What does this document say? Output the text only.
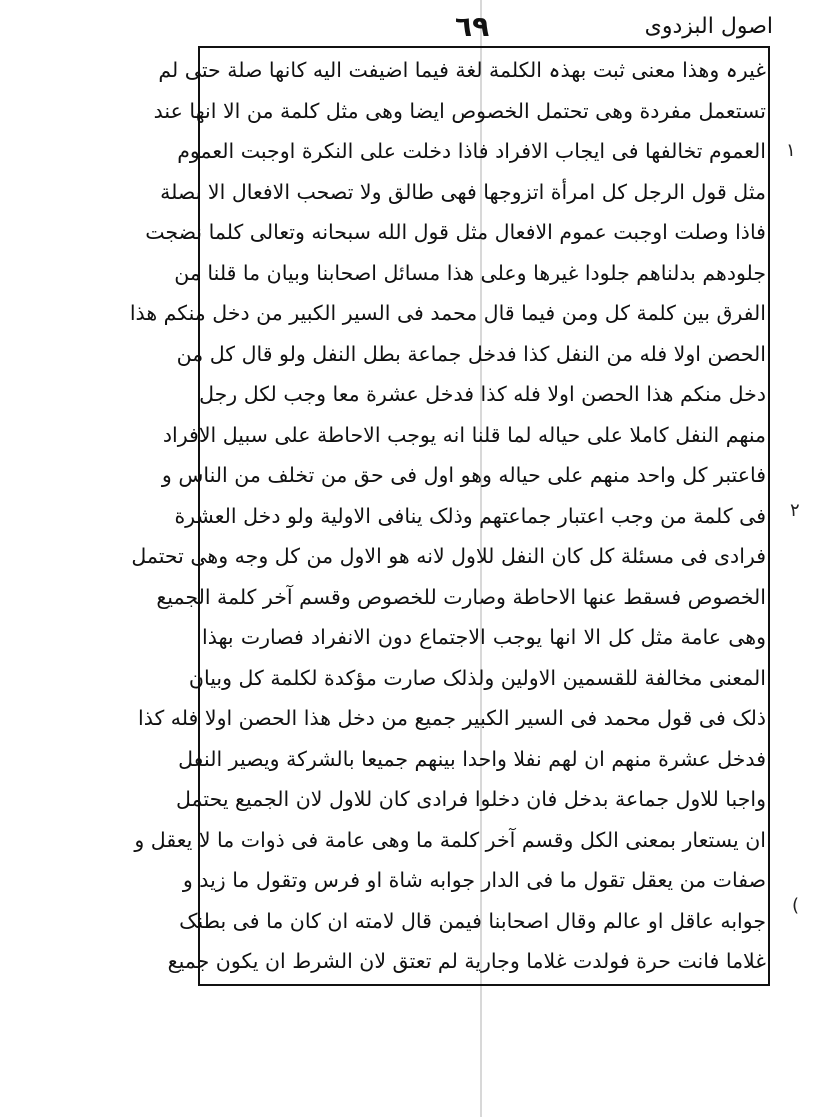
اصول البزدوی
٦٩
غیرہ وهذا معنی ثبت بهذہ الکلمة لغة فیما اضیفت الیه کانها صلة حتی لم
تستعمل مفردة وهی تحتمل الخصوص ایضا وهی مثل کلمة من الا انها عند
العموم تخالفها فی ایجاب الافراد فاذا دخلت علی النکرة اوجبت العموم
مثل قول الرجل کل امرأة اتزوجها فهی طالق ولا تصحب الافعال الا بصلة
فاذا وصلت اوجبت عموم الافعال مثل قول الله سبحانه وتعالی کلما نضجت
جلودهم بدلناهم جلودا غیرها وعلی هذا مسائل اصحابنا وبیان ما قلنا من
الفرق بین کلمة کل ومن فیما قال محمد فی السیر الکبیر من دخل منکم هذا
الحصن اولا فله من النفل کذا فدخل جماعة بطل النفل ولو قال کل من
دخل منکم هذا الحصن اولا فله کذا فدخل عشرة معا وجب لکل رجل
منهم النفل کاملا علی حیاله لما قلنا انه یوجب الاحاطة علی سبیل الافراد
فاعتبر کل واحد منهم علی حیاله وهو اول فی حق من تخلف من الناس و
فی کلمة من وجب اعتبار جماعتهم وذلک ینافی الاولیة ولو دخل العشرة
فرادی فی مسئلة کل کان النفل للاول لانه هو الاول من کل وجه وهی تحتمل
الخصوص فسقط عنها الاحاطة وصارت للخصوص وقسم آخر کلمة الجمیع
وهی عامة مثل کل الا انها یوجب الاجتماع دون الانفراد فصارت بهذا
المعنی مخالفة للقسمین الاولین ولذلک صارت مؤکدة لکلمة کل وبیان
ذلک فی قول محمد فی السیر الکبیر جمیع من دخل هذا الحصن اولا فله کذا
فدخل عشرة منهم ان لهم نفلا واحدا بینهم جمیعا بالشرکة ویصیر النفل
واجبا للاول جماعة بدخل فان دخلوا فرادی کان للاول لان الجمیع یحتمل
ان یستعار بمعنی الکل وقسم آخر کلمة ما وهی عامة فی ذوات ما لا یعقل و
صفات من یعقل تقول ما فی الدار جوابه شاة او فرس وتقول ما زید و
جوابه عاقل او عالم وقال اصحابنا فیمن قال لامته ان کان ما فی بطنک
غلاما فانت حرة فولدت غلاما وجاریة لم تعتق لان الشرط ان یکون جمیع
١
٢
(
